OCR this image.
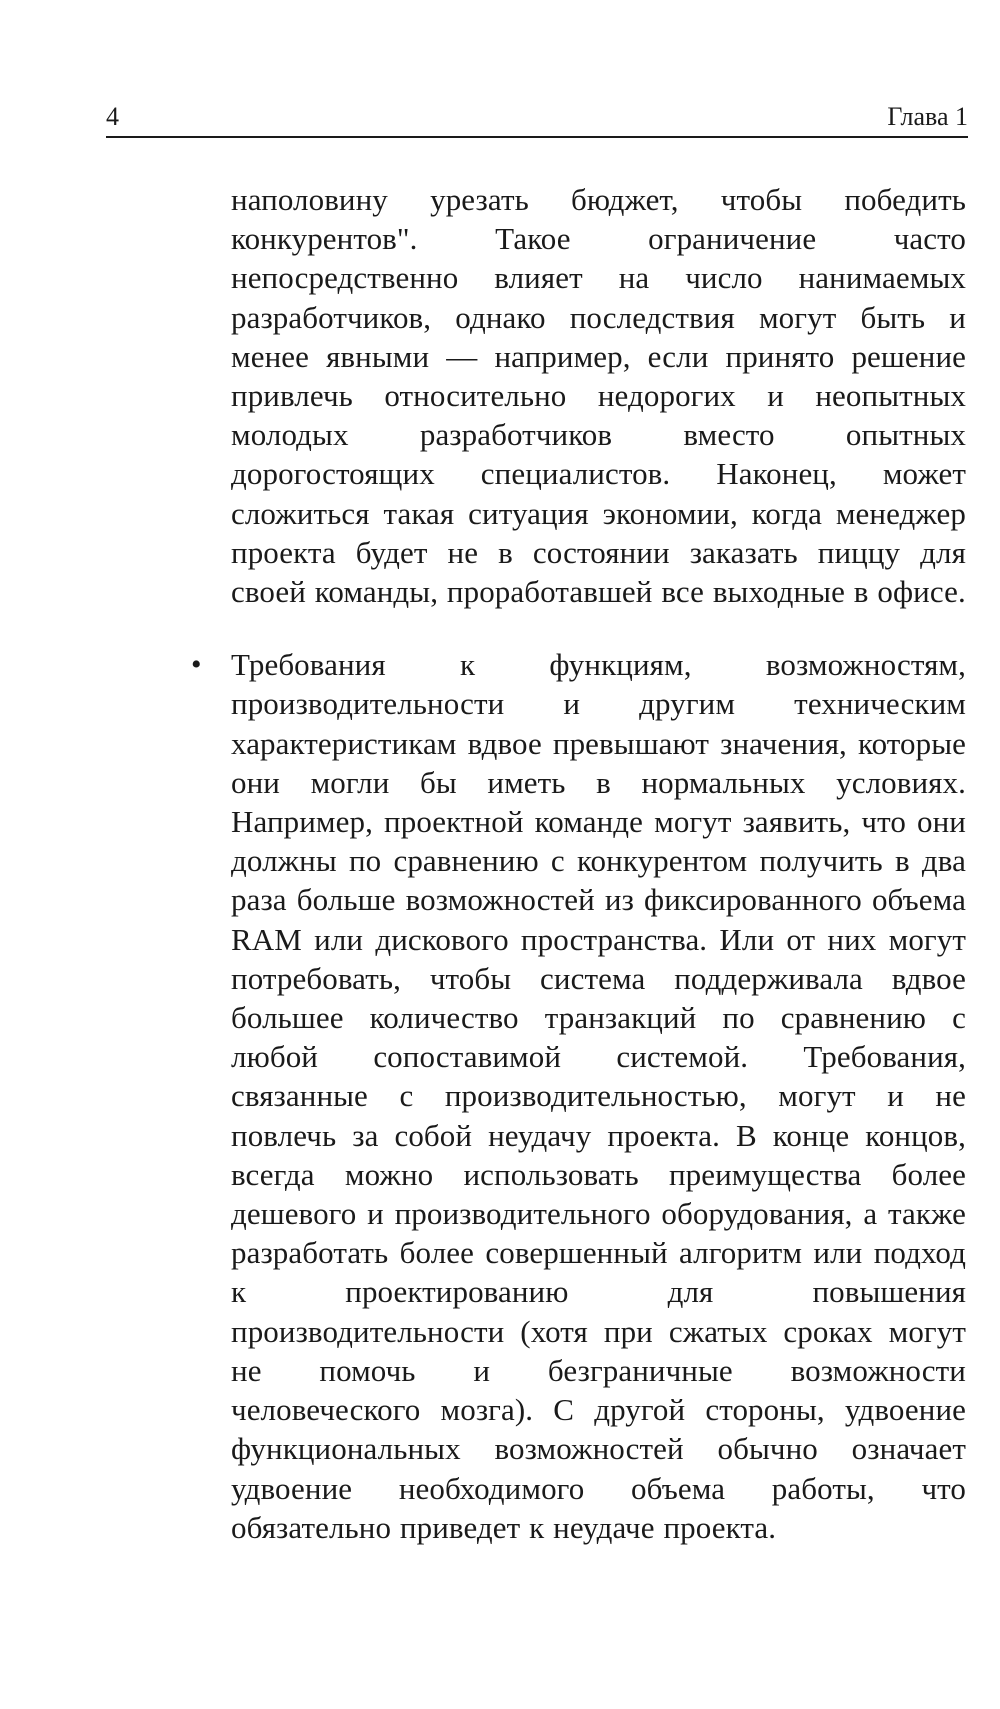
4	Глава 1

наполовину урезать бюджет, чтобы победить конкурентов". Такое ограничение часто непосредственно влияет на число нанимаемых разработчиков, однако последствия могут быть и менее явными — например, если принято решение привлечь относительно недорогих и неопытных молодых разработчиков вместо опытных дорогостоящих специалистов. Наконец, может сложиться такая ситуация экономии, когда менеджер проекта будет не в состоянии заказать пиццу для своей команды, проработавшей все выходные в офисе.

• Требования к функциям, возможностям, производительности и другим техническим характеристикам вдвое превышают значения, которые они могли бы иметь в нормальных условиях. Например, проектной команде могут заявить, что они должны по сравнению с конкурентом получить в два раза больше возможностей из фиксированного объема RAM или дискового пространства. Или от них могут потребовать, чтобы система поддерживала вдвое большее количество транзакций по сравнению с любой сопоставимой системой. Требования, связанные с производительностью, могут и не повлечь за собой неудачу проекта. В конце концов, всегда можно использовать преимущества более дешевого и производительного оборудования, а также разработать более совершенный алгоритм или подход к проектированию для повышения производительности (хотя при сжатых сроках могут не помочь и безграничные возможности человеческого мозга). С другой стороны, удвоение функциональных возможностей обычно означает удвоение необходимого объема работы, что обязательно приведет к неудаче проекта.
